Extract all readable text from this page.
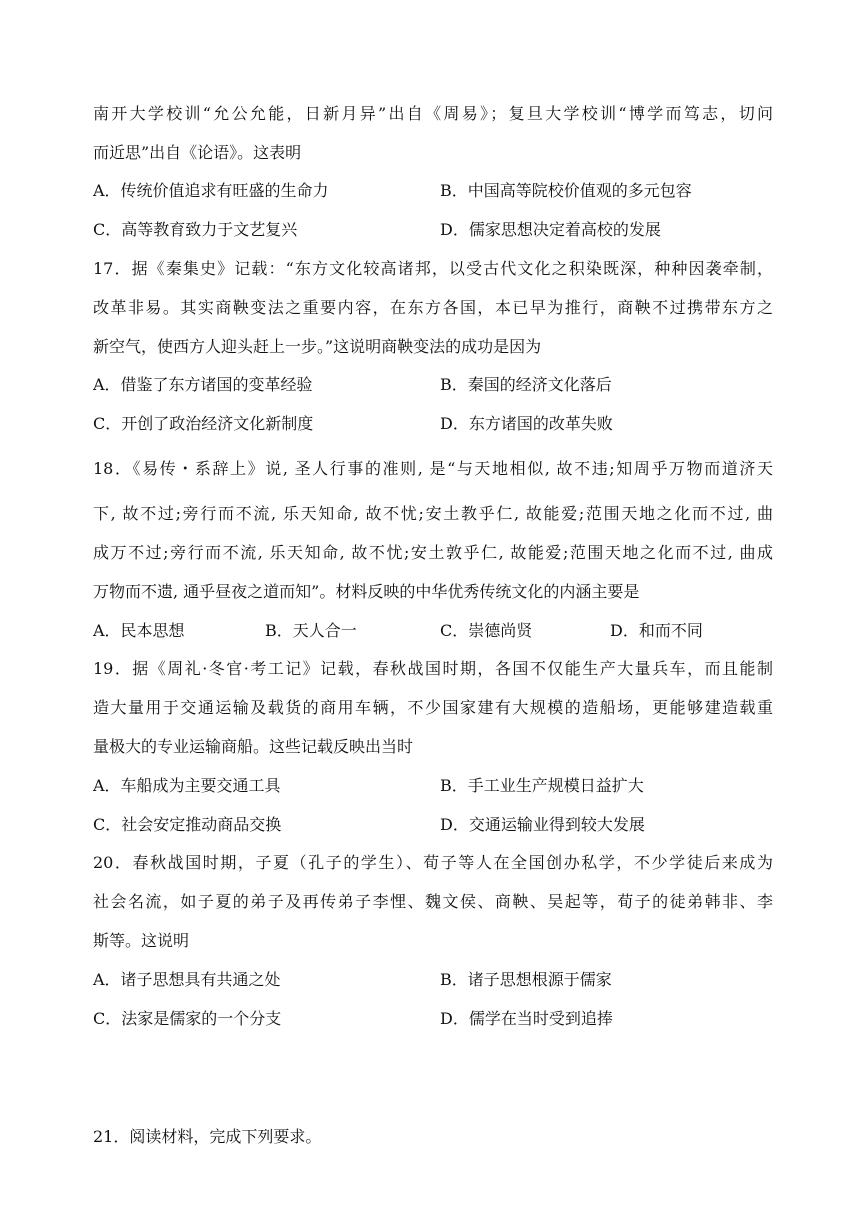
南开大学校训“允公允能，日新月异”出自《周易》；复旦大学校训“博学而笃志，切问
而近思”出自《论语》。这表明
A．传统价值追求有旺盛的生命力	B．中国高等院校价值观的多元包容
C．高等教育致力于文艺复兴	D．儒家思想决定着高校的发展
17．据《秦集史》记载：“东方文化较高诸邦，以受古代文化之积染既深，种种因袭牵制，
改革非易。其实商鞅变法之重要内容，在东方各国，本已早为推行，商鞅不过携带东方之
新空气，使西方人迎头赶上一步。”这说明商鞅变法的成功是因为
A．借鉴了东方诸国的变革经验	B．秦国的经济文化落后
C．开创了政治经济文化新制度	D．东方诸国的改革失败
18．《易传・系辞上》说, 圣人行事的准则, 是“与天地相似, 故不违;知周乎万物而道济天
下, 故不过;旁行而不流, 乐天知命, 故不忧;安土教乎仁, 故能爱;范围天地之化而不过, 曲
成万不过;旁行而不流, 乐天知命, 故不忧;安土敦乎仁, 故能爱;范围天地之化而不过, 曲成
万物而不遗, 通乎昼夜之道而知”。材料反映的中华优秀传统文化的内涵主要是
A．民本思想	B．天人合一	C．崇德尚贤	D．和而不同
19．据《周礼·冬官·考工记》记载，春秋战国时期，各国不仅能生产大量兵车，而且能制
造大量用于交通运输及载货的商用车辆，不少国家建有大规模的造船场，更能够建造载重
量极大的专业运输商船。这些记载反映出当时
A．车船成为主要交通工具	B．手工业生产规模日益扩大
C．社会安定推动商品交换	D．交通运输业得到较大发展
20．春秋战国时期，子夏（孔子的学生）、荀子等人在全国创办私学，不少学徒后来成为
社会名流，如子夏的弟子及再传弟子李悝、魏文侯、商鞅、吴起等，荀子的徒弟韩非、李
斯等。这说明
A．诸子思想具有共通之处	B．诸子思想根源于儒家
C．法家是儒家的一个分支	D．儒学在当时受到追捧
21．阅读材料，完成下列要求。
